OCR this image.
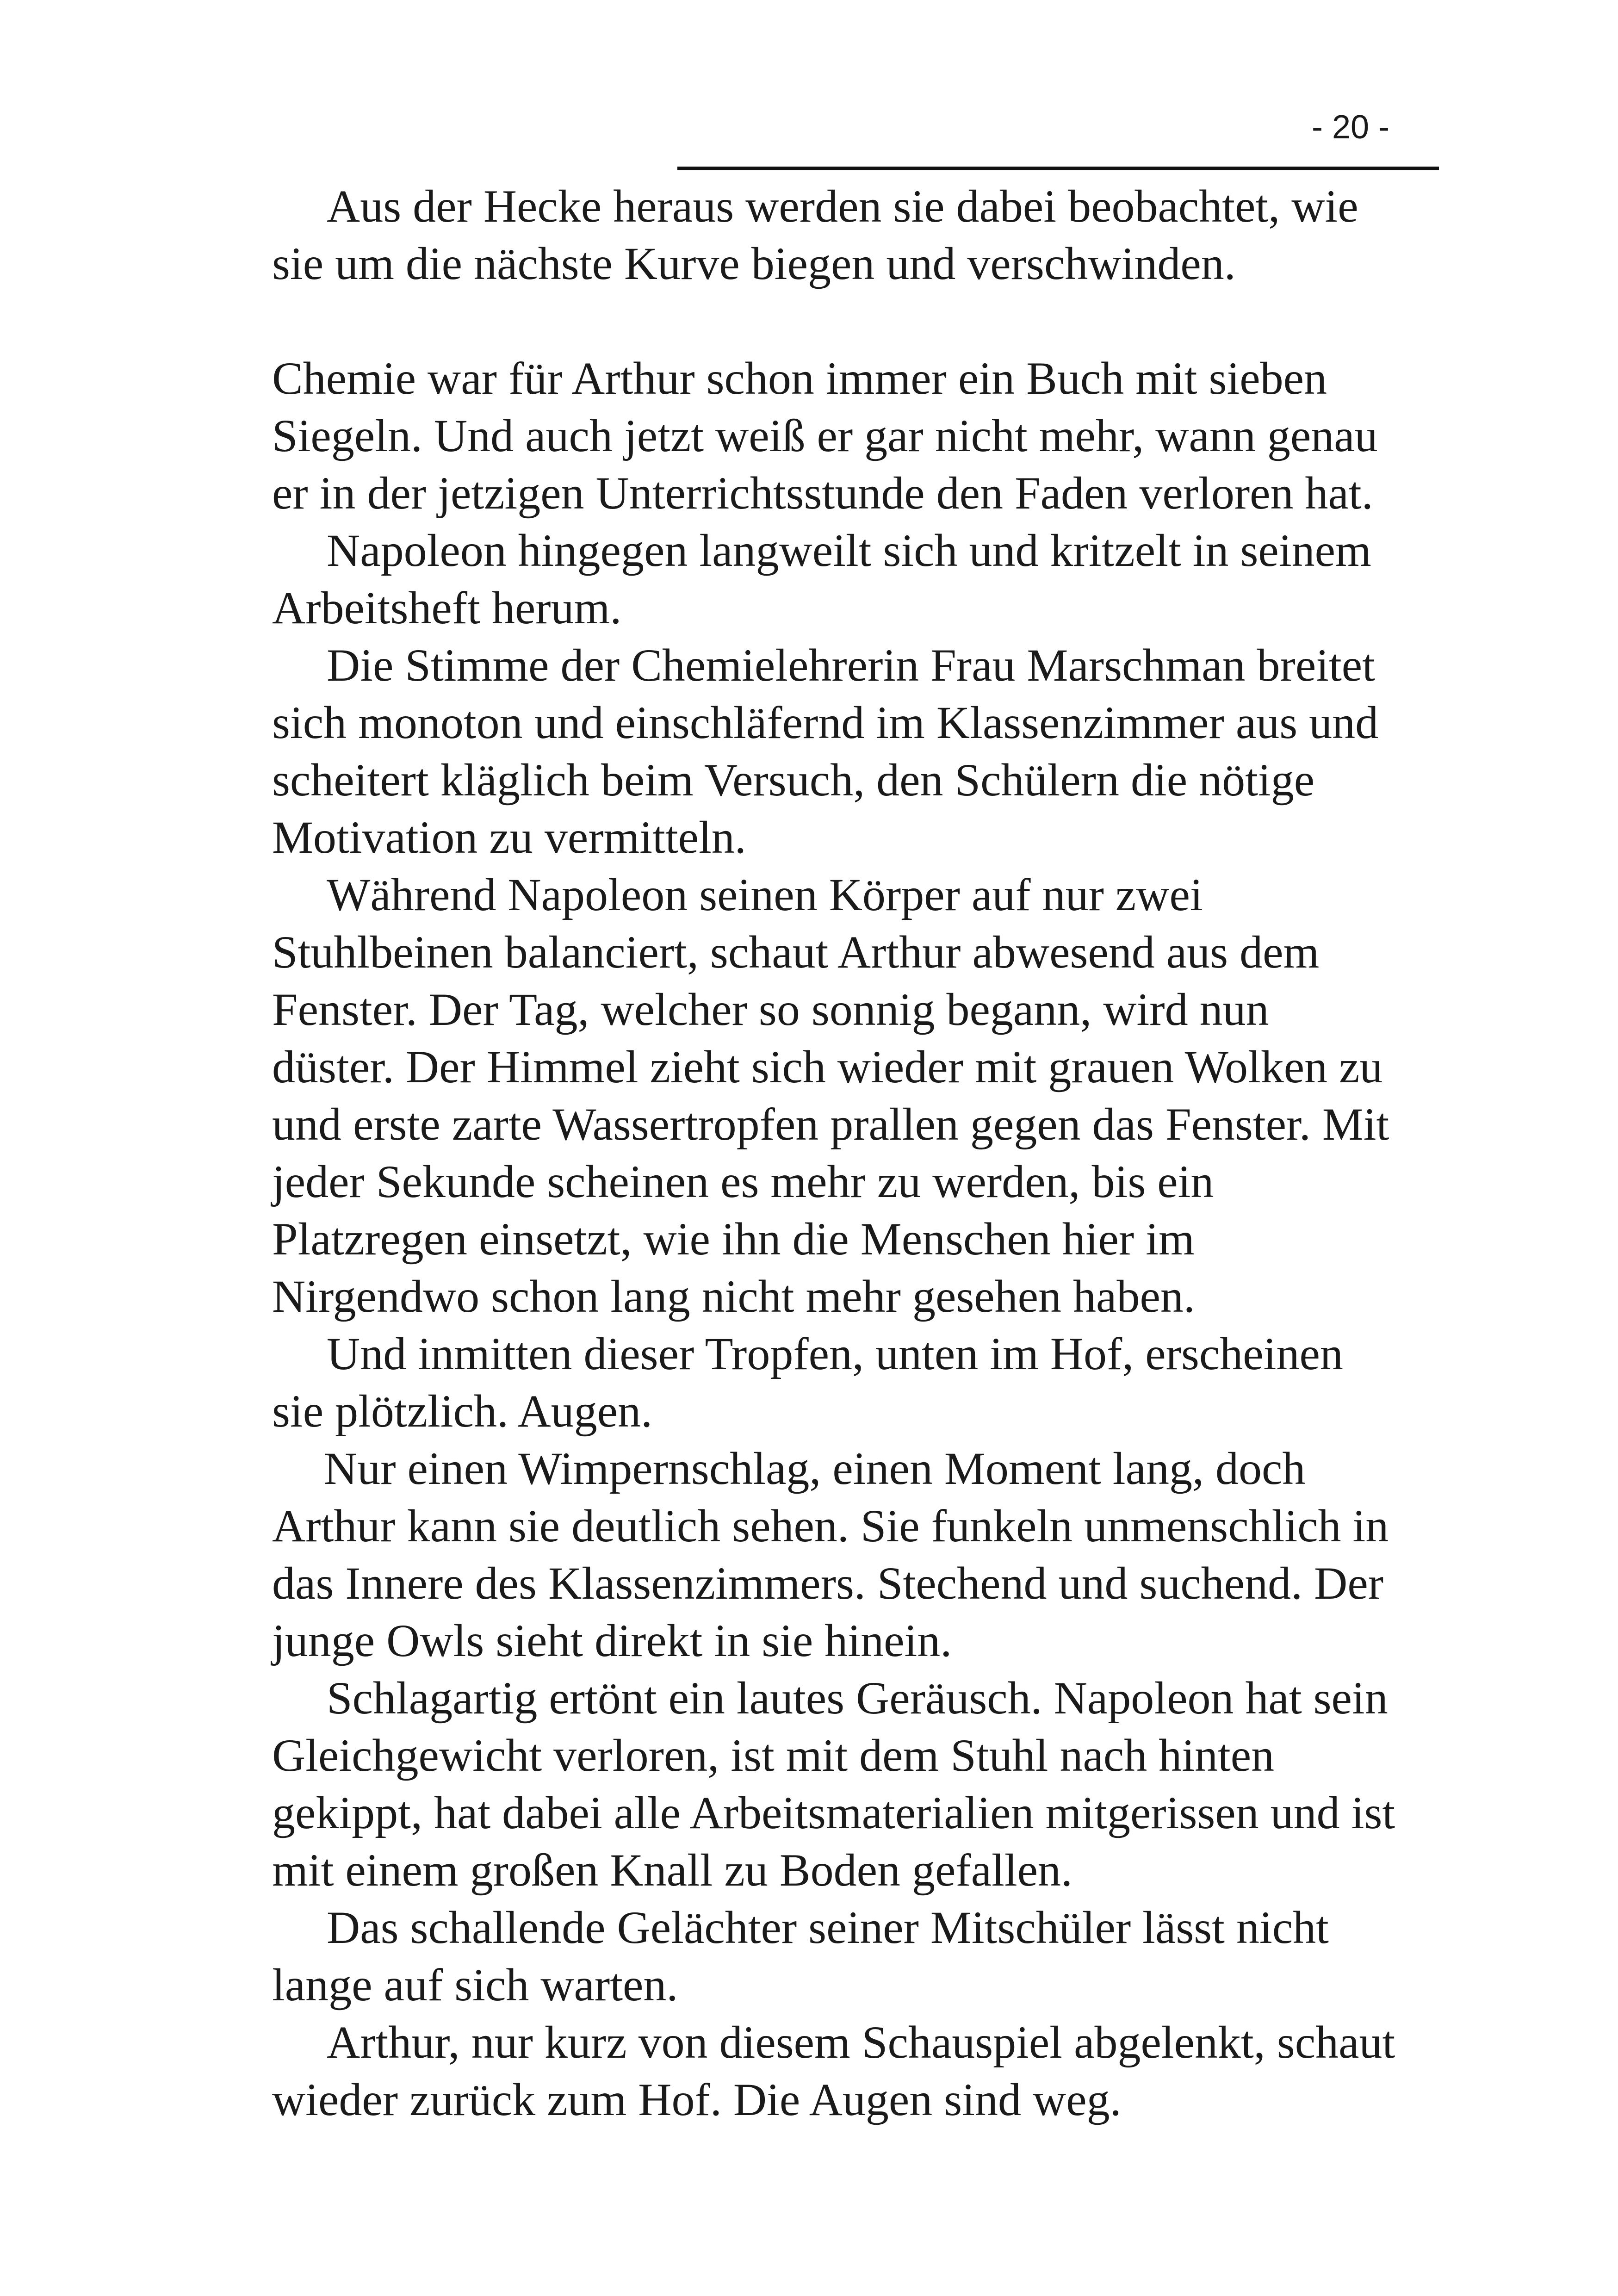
- 20 -

Aus der Hecke heraus werden sie dabei beobachtet, wie
sie um die nächste Kurve biegen und verschwinden.

Chemie war für Arthur schon immer ein Buch mit sieben
Siegeln. Und auch jetzt weiß er gar nicht mehr, wann genau
er in der jetzigen Unterrichtsstunde den Faden verloren hat.

Napoleon hingegen langweilt sich und kritzelt in seinem
Arbeitsheft herum.

Die Stimme der Chemielehrerin Frau Marschman breitet
sich monoton und einschläfernd im Klassenzimmer aus und
scheitert kläglich beim Versuch, den Schülern die nötige
Motivation zu vermitteln.

Während Napoleon seinen Körper auf nur zwei
Stuhlbeinen balanciert, schaut Arthur abwesend aus dem
Fenster. Der Tag, welcher so sonnig begann, wird nun
düster. Der Himmel zieht sich wieder mit grauen Wolken zu
und erste zarte Wassertropfen prallen gegen das Fenster. Mit
jeder Sekunde scheinen es mehr zu werden, bis ein
Platzregen einsetzt, wie ihn die Menschen hier im
Nirgendwo schon lang nicht mehr gesehen haben.

Und inmitten dieser Tropfen, unten im Hof, erscheinen
sie plötzlich. Augen.

Nur einen Wimpernschlag, einen Moment lang, doch
Arthur kann sie deutlich sehen. Sie funkeln unmenschlich in
das Innere des Klassenzimmers. Stechend und suchend. Der
junge Owls sieht direkt in sie hinein.

Schlagartig ertönt ein lautes Geräusch. Napoleon hat sein
Gleichgewicht verloren, ist mit dem Stuhl nach hinten
gekippt, hat dabei alle Arbeitsmaterialien mitgerissen und ist
mit einem großen Knall zu Boden gefallen.

Das schallende Gelächter seiner Mitschüler lässt nicht
lange auf sich warten.

Arthur, nur kurz von diesem Schauspiel abgelenkt, schaut
wieder zurück zum Hof. Die Augen sind weg.
